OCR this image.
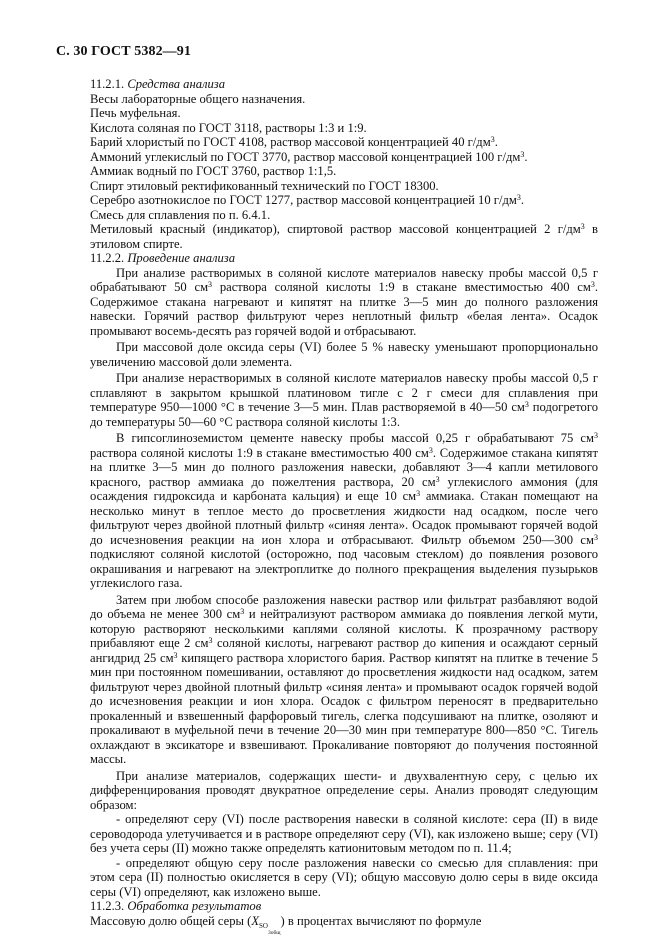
С. 30 ГОСТ 5382—91

11.2.1. Средства анализа

Весы лабораторные общего назначения.

Печь муфельная.

Кислота соляная по ГОСТ 3118, растворы 1:3 и 1:9.

Барий хлористый по ГОСТ 4108, раствор массовой концентрацией 40 $г/дм^3$.

Аммоний углекислый по ГОСТ 3770, раствор массовой концентрацией 100 $г/дм^3$.

Аммиак водный по ГОСТ 3760, раствор 1:1,5.

Спирт этиловый ректификованный технический по ГОСТ 18300.

Серебро азотнокислое по ГОСТ 1277, раствор массовой концентрацией 10 $г/дм^3$.

Смесь для сплавления по п. 6.4.1.

Метиловый красный (индикатор), спиртовой раствор массовой концентрацией 2 $г/дм^3$ в этиловом спирте.

11.2.2. Проведение анализа

При анализе растворимых в соляной кислоте материалов навеску пробы массой 0,5 г обрабатывают 50 $см^3$ раствора соляной кислоты 1:9 в стакане вместимостью 400 $см^3$. Содержимое стакана нагревают и кипятят на плитке 3—5 мин до полного разложения навески. Горячий раствор фильтруют через неплотный фильтр «белая лента». Осадок промывают восемь-десять раз горячей водой и отбрасывают.

При массовой доле оксида серы (VI) более 5 % навеску уменьшают пропорционально увеличению массовой доли элемента.

При анализе нерастворимых в соляной кислоте материалов навеску пробы массой 0,5 г сплавляют в закрытом крышкой платиновом тигле с 2 г смеси для сплавления при температуре 950—1000 °С в течение 3—5 мин. Плав растворяемой в 40—50 $см^3$ подогретого до температуры 50—60 °С раствора соляной кислоты 1:3.

В гипсоглиноземистом цементе навеску пробы массой 0,25 г обрабатывают 75 $см^3$ раствора соляной кислоты 1:9 в стакане вместимостью 400 $см^3$. Содержимое стакана кипятят на плитке 3—5 мин до полного разложения навески, добавляют 3—4 капли метилового красного, раствор аммиака до пожелтения раствора, 20 $см^3$ углекислого аммония (для осаждения гидроксида и карбоната кальция) и еще 10 $см^3$ аммиака. Стакан помещают на несколько минут в теплое место до просветления жидкости над осадком, после чего фильтруют через двойной плотный фильтр «синяя лента». Осадок промывают горячей водой до исчезновения реакции на ион хлора и отбрасывают. Фильтр объемом 250—300 $см^3$ подкисляют соляной кислотой (осторожно, под часовым стеклом) до появления розового окрашивания и нагревают на электроплитке до полного прекращения выделения пузырьков углекислого газа.

Затем при любом способе разложения навески раствор или фильтрат разбавляют водой до объема не менее 300 $см^3$ и нейтрализуют раствором аммиака до появления легкой мути, которую растворяют несколькими каплями соляной кислоты. К прозрачному раствору прибавляют еще 2 $см^3$ соляной кислоты, нагревают раствор до кипения и осаждают серный ангидрид 25 $см^3$ кипящего раствора хлористого бария. Раствор кипятят на плитке в течение 5 мин при постоянном помешивании, оставляют до просветления жидкости над осадком, затем фильтруют через двойной плотный фильтр «синяя лента» и промывают осадок горячей водой до исчезновения реакции и ион хлора. Осадок с фильтром переносят в предварительно прокаленный и взвешенный фарфоровый тигель, слегка подсушивают на плитке, озоляют и прокаливают в муфельной печи в течение 20—30 мин при температуре 800—850 °С. Тигель охлаждают в эксикаторе и взвешивают. Прокаливание повторяют до получения постоянной массы.

При анализе материалов, содержащих шести- и двухвалентную серу, с целью их дифференцирования проводят двукратное определение серы. Анализ проводят следующим образом:

- определяют серу (VI) после растворения навески в соляной кислоте: сера (II) в виде сероводорода улетучивается и в растворе определяют серу (VI), как изложено выше; серу (VI) без учета серы (II) можно также определять катионитовым методом по п. 11.4;

- определяют общую серу после разложения навески со смесью для сплавления: при этом сера (II) полностью окисляется в серу (VI); общую массовую долю серы в виде оксида серы (VI) определяют, как изложено выше.

11.2.3. Обработка результатов

Массовую долю общей серы $(X_{SO_{3общ}})$ в процентах вычисляют по формуле
